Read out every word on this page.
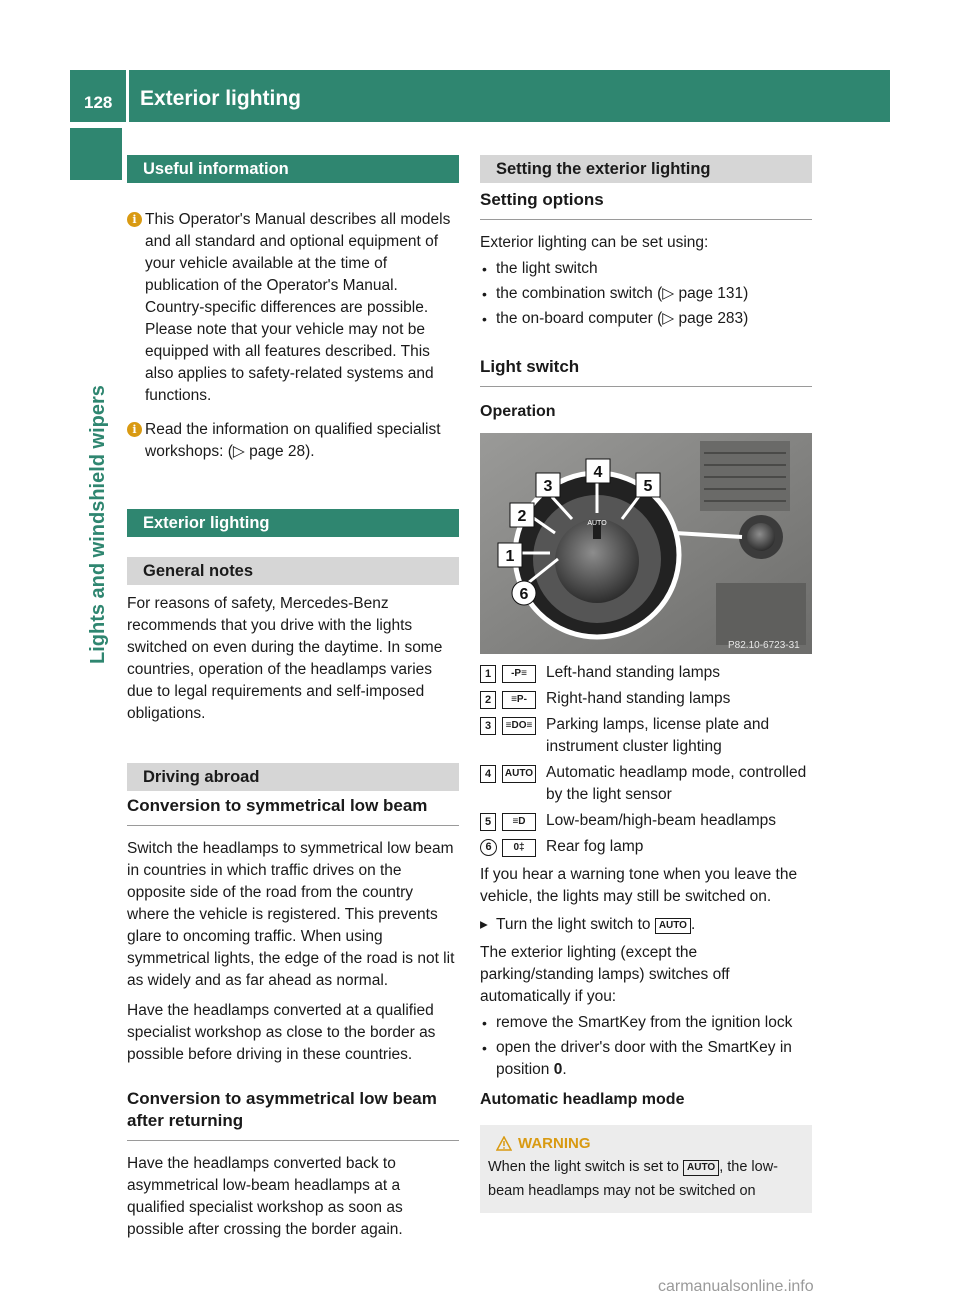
128 Exterior lighting
Lights and windshield wipers
Useful information
i This Operator's Manual describes all models and all standard and optional equipment of your vehicle available at the time of publication of the Operator's Manual. Country-specific differences are possible. Please note that your vehicle may not be equipped with all features described. This also applies to safety-related systems and functions.

i Read the information on qualified specialist workshops: (▷ page 28).

Exterior lighting
General notes

For reasons of safety, Mercedes-Benz recommends that you drive with the lights switched on even during the daytime. In some countries, operation of the headlamps varies due to legal requirements and self-imposed obligations.

Driving abroad
Conversion to symmetrical low beam

Switch the headlamps to symmetrical low beam in countries in which traffic drives on the opposite side of the road from the country where the vehicle is registered. This prevents glare to oncoming traffic. When using symmetrical lights, the edge of the road is not lit as widely and as far ahead as normal.

Have the headlamps converted at a qualified specialist workshop as close to the border as possible before driving in these countries.

Conversion to asymmetrical low beam after returning

Have the headlamps converted back to asymmetrical low-beam headlamps at a qualified specialist workshop as soon as possible after crossing the border again.

Setting the exterior lighting
Setting options

Exterior lighting can be set using:

• the light switch
• the combination switch (▷ page 131)
• the on-board computer (▷ page 283)
Light switch
Operation
AUTO
1
2
3
4
5
6
P82.10-6723-31
1	-P≡	Left-hand standing lamps
2	≡P-	Right-hand standing lamps
3	≡DO≡ Parking lamps, license plate and instrument cluster lighting
4	AUTO Automatic headlamp mode, controlled by the light sensor
5	≡D	Low-beam/high-beam headlamps
6	0‡	Rear fog lamp

If you hear a warning tone when you leave the vehicle, the lights may still be switched on.

▸ Turn the light switch to AUTO .

The exterior lighting (except the parking/standing lamps) switches off automatically if you:

• remove the SmartKey from the ignition lock
• open the driver's door with the SmartKey in position 0.
Automatic headlamp mode
WARNING

When the light switch is set to AUTO , the low-beam headlamps may not be switched on

carmanualsonline.info
